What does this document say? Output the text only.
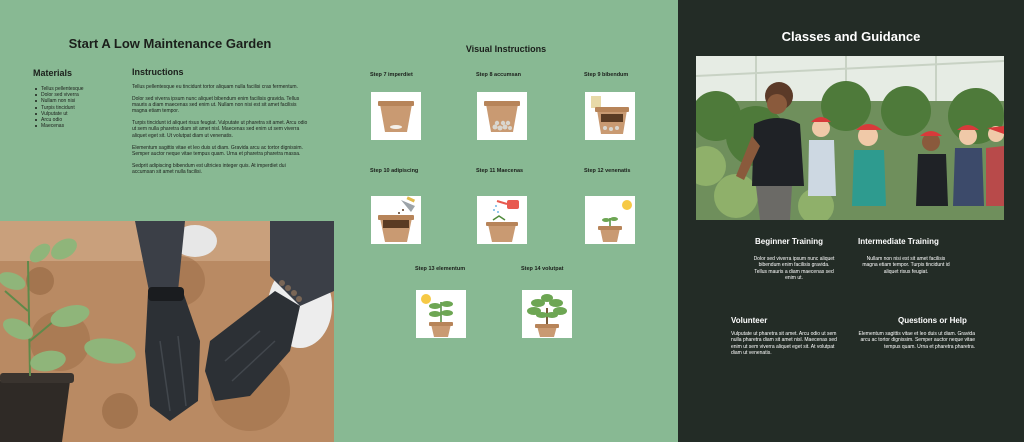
Start A Low Maintenance Garden
Materials
Tellus pellentesque
Dolor sed viverra
Nullam non nisi
Turpis tincidunt
Vulputate ut
Arcu odio
Maecenas
Instructions

Tellus pellentesque eu tincidunt tortor aliquam nulla facilisi cras fermentum.

Dolor sed viverra ipsum nunc aliquet bibendum enim facilisis gravida. Tellus mauris a diam maecenas sed enim ut. Nullam non nisi est sit amet facilisis magna etiam tempor.

Turpis tincidunt id aliquet risus feugiat. Vulputate ut pharetra sit amet. Arcu odio ut sem nulla pharetra diam sit amet nisl. Maecenas sed enim ut sem viverra aliquet eget sit. Ut volutpat diam ut venenatis.

Elementum sagittis vitae et leo duis ut diam. Gravida arcu ac tortor dignissim. Semper auctor neque vitae tempus quam. Urna et pharetra pharetra massa.

Sedprit adipiscing bibendum est ultricies integer quis. At imperdiet dui accumsan sit amet nulla facilisi.

Visual Instructions
Step 7 imperdiet	Step 8 accumsan	Step 9 bibendum
Step 10 adipiscing	Step 11 Maecenas	Step 12 venenatis
Step 13 elementum	Step 14 volutpat
Classes and Guidance
Beginner Training
Dolor sed viverra ipsum nunc aliquet bibendum enim facilisis gravida. Tellus mauris a diam maecenas sed enim ut.
Intermediate Training
Nullam non nisi est sit amet facilisis magna etiam tempor. Turpis tincidunt id aliquet risus feugiat.
Volunteer
Vulputate ut pharetra sit amet. Arcu odio ut sem nulla pharetra diam sit amet nisl. Maecenas sed enim ut sem viverra aliquet eget sit. At volutpat diam ut venenatis.
Questions or Help
Elementum sagittis vitae et leo duis ut diam. Gravida arcu ac tortor dignissim. Semper auctor neque vitae tempus quam. Urna et pharetra pharetra.
